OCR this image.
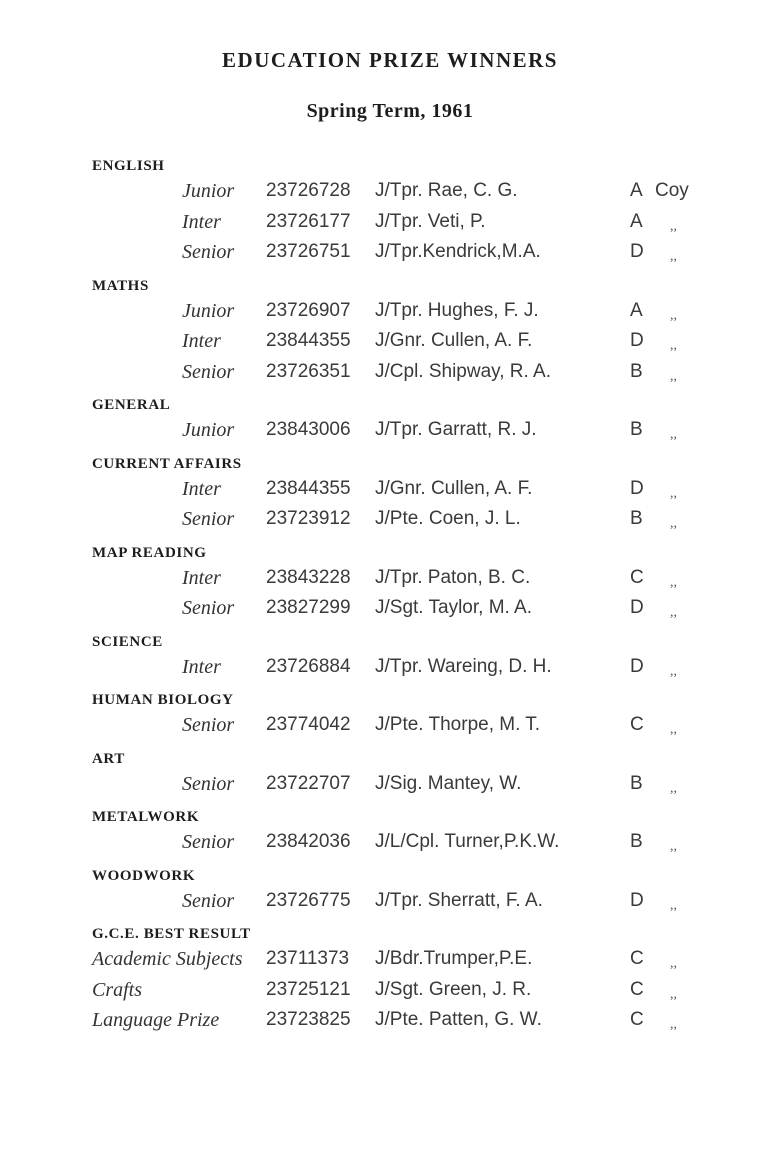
EDUCATION PRIZE WINNERS
Spring Term, 1961
ENGLISH
Junior 23726728 J/Tpr. Rae, C. G.	A Coy
Inter 23726177 J/Tpr. Veti, P.	A ,,
Senior 23726751 J/Tpr.Kendrick,M.A.	D ,,
MATHS
Junior 23726907 J/Tpr. Hughes, F. J.	A ,,
Inter 23844355 J/Gnr. Cullen, A. F.	D ,,
Senior 23726351 J/Cpl. Shipway, R. A.	B ,,
GENERAL
Junior 23843006 J/Tpr. Garratt, R. J.	B ,,
CURRENT AFFAIRS
Inter 23844355 J/Gnr. Cullen, A. F.	D ,,
Senior 23723912 J/Pte. Coen, J. L.	B ,,
MAP READING
Inter 23843228 J/Tpr. Paton, B. C.	C ,,
Senior 23827299 J/Sgt. Taylor, M. A.	D ,,
SCIENCE
Inter 23726884 J/Tpr. Wareing, D. H.	D ,,
HUMAN BIOLOGY
Senior 23774042 J/Pte. Thorpe, M. T.	C ,,
ART
Senior 23722707 J/Sig. Mantey, W.	B ,,
METALWORK
Senior 23842036 J/L/Cpl. Turner,P.K.W.	B ,,
WOODWORK
Senior 23726775 J/Tpr. Sherratt, F. A.	D ,,
G.C.E. BEST RESULT
Academic Subjects 23711373 J/Bdr.Trumper,P.E.	C ,,
Crafts	23725121 J/Sgt. Green, J. R.	C ,,
Language Prize 23723825 J/Pte. Patten, G. W.	C ,,
